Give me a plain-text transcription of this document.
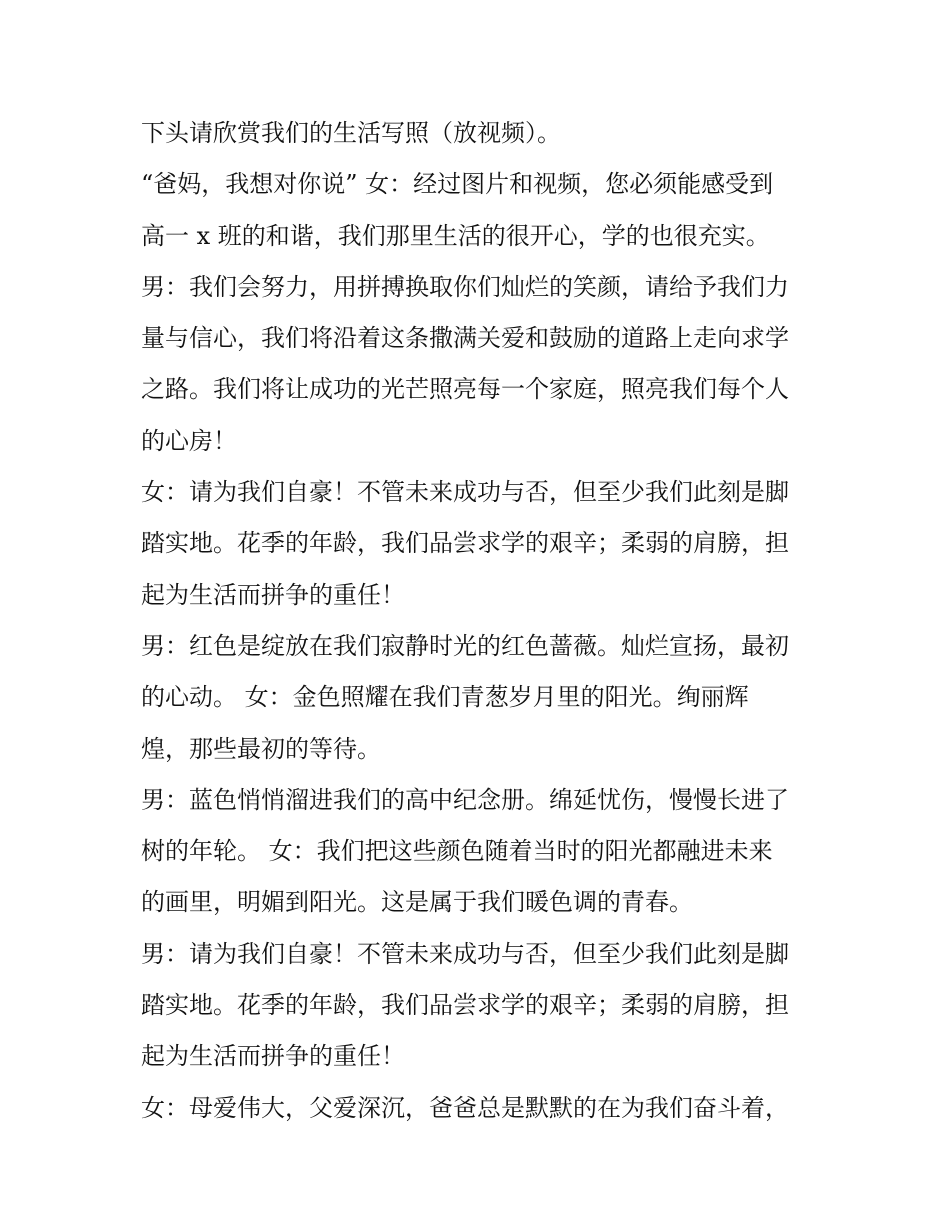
下头请欣赏我们的生活写照（放视频）。
“爸妈，我想对你说” 女：经过图片和视频，您必须能感受到
高一 x 班的和谐，我们那里生活的很开心，学的也很充实。
男：我们会努力，用拼搏换取你们灿烂的笑颜，请给予我们力
量与信心，我们将沿着这条撒满关爱和鼓励的道路上走向求学
之路。我们将让成功的光芒照亮每一个家庭，照亮我们每个人
的心房！
女：请为我们自豪！不管未来成功与否，但至少我们此刻是脚
踏实地。花季的年龄，我们品尝求学的艰辛；柔弱的肩膀，担
起为生活而拼争的重任！
男：红色是绽放在我们寂静时光的红色蔷薇。灿烂宣扬，最初
的心动。 女：金色照耀在我们青葱岁月里的阳光。绚丽辉
煌，那些最初的等待。
男：蓝色悄悄溜进我们的高中纪念册。绵延忧伤，慢慢长进了
树的年轮。 女：我们把这些颜色随着当时的阳光都融进未来
的画里，明媚到阳光。这是属于我们暖色调的青春。
男：请为我们自豪！不管未来成功与否，但至少我们此刻是脚
踏实地。花季的年龄，我们品尝求学的艰辛；柔弱的肩膀，担
起为生活而拼争的重任！
女：母爱伟大，父爱深沉，爸爸总是默默的在为我们奋斗着，
